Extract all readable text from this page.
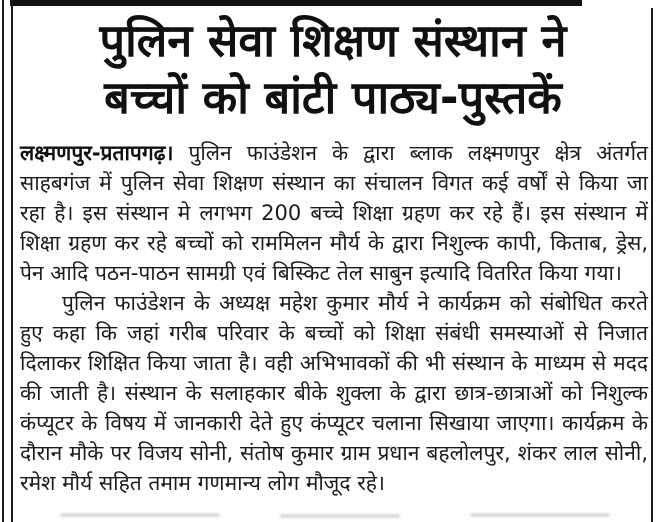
पुलिन सेवा शिक्षण संस्थान ने
बच्चों को बांटी पाठ्य-पुस्तकें

लक्ष्मणपुर-प्रतापगढ़। पुलिन फाउंडेशन के द्वारा ब्लाक लक्ष्मणपुर क्षेत्र अंतर्गत साहबगंज में पुलिन सेवा शिक्षण संस्थान का संचालन विगत कई वर्षों से किया जा रहा है। इस संस्थान मे लगभग 200 बच्चे शिक्षा ग्रहण कर रहे हैं। इस संस्थान में शिक्षा ग्रहण कर रहे बच्चों को राममिलन मौर्य के द्वारा निशुल्क कापी, किताब, ड्रेस, पेन आदि पठन-पाठन सामग्री एवं बिस्किट तेल साबुन इत्यादि वितरित किया गया।

पुलिन फाउंडेशन के अध्यक्ष महेश कुमार मौर्य ने कार्यक्रम को संबोधित करते हुए कहा कि जहां गरीब परिवार के बच्चों को शिक्षा संबंधी समस्याओं से निजात दिलाकर शिक्षित किया जाता है। वही अभिभावकों की भी संस्थान के माध्यम से मदद की जाती है। संस्थान के सलाहकार बीके शुक्ला के द्वारा छात्र-छात्राओं को निशुल्क कंप्यूटर के विषय में जानकारी देते हुए कंप्यूटर चलाना सिखाया जाएगा। कार्यक्रम के दौरान मौके पर विजय सोनी, संतोष कुमार ग्राम प्रधान बहलोलपुर, शंकर लाल सोनी, रमेश मौर्य सहित तमाम गणमान्य लोग मौजूद रहे।
